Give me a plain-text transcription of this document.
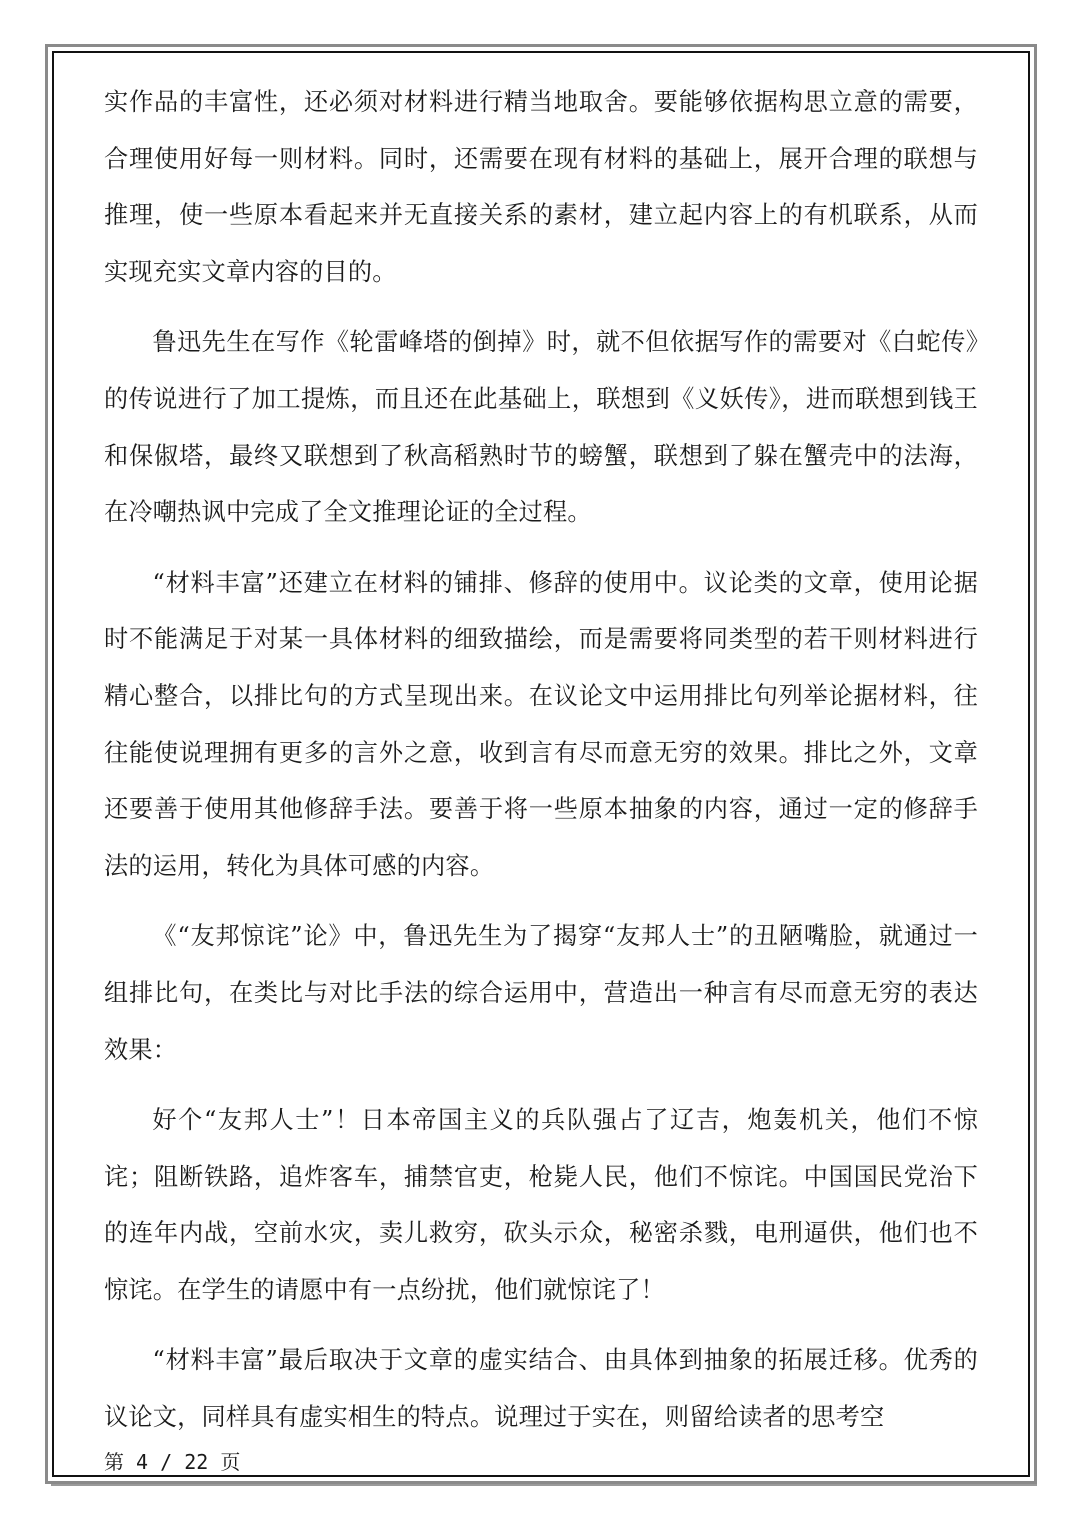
实作品的丰富性，还必须对材料进行精当地取舍。要能够依据构思立意的需要，合理使用好每一则材料。同时，还需要在现有材料的基础上，展开合理的联想与推理，使一些原本看起来并无直接关系的素材，建立起内容上的有机联系，从而实现充实文章内容的目的。

鲁迅先生在写作《轮雷峰塔的倒掉》时，就不但依据写作的需要对《白蛇传》的传说进行了加工提炼，而且还在此基础上，联想到《义妖传》，进而联想到钱王和保俶塔，最终又联想到了秋高稻熟时节的螃蟹，联想到了躲在蟹壳中的法海，在冷嘲热讽中完成了全文推理论证的全过程。

“材料丰富”还建立在材料的铺排、修辞的使用中。议论类的文章，使用论据时不能满足于对某一具体材料的细致描绘，而是需要将同类型的若干则材料进行精心整合，以排比句的方式呈现出来。在议论文中运用排比句列举论据材料，往往能使说理拥有更多的言外之意，收到言有尽而意无穷的效果。排比之外，文章还要善于使用其他修辞手法。要善于将一些原本抽象的内容，通过一定的修辞手法的运用，转化为具体可感的内容。

《“友邦惊诧”论》中，鲁迅先生为了揭穿“友邦人士”的丑陋嘴脸，就通过一组排比句，在类比与对比手法的综合运用中，营造出一种言有尽而意无穷的表达效果：

好个“友邦人士”！日本帝国主义的兵队强占了辽吉，炮轰机关，他们不惊诧；阻断铁路，追炸客车，捕禁官吏，枪毙人民，他们不惊诧。中国国民党治下的连年内战，空前水灾，卖儿救穷，砍头示众，秘密杀戮，电刑逼供，他们也不惊诧。在学生的请愿中有一点纷扰，他们就惊诧了！

“材料丰富”最后取决于文章的虚实结合、由具体到抽象的拓展迁移。优秀的议论文，同样具有虚实相生的特点。说理过于实在，则留给读者的思考空

第 4 / 22 页
